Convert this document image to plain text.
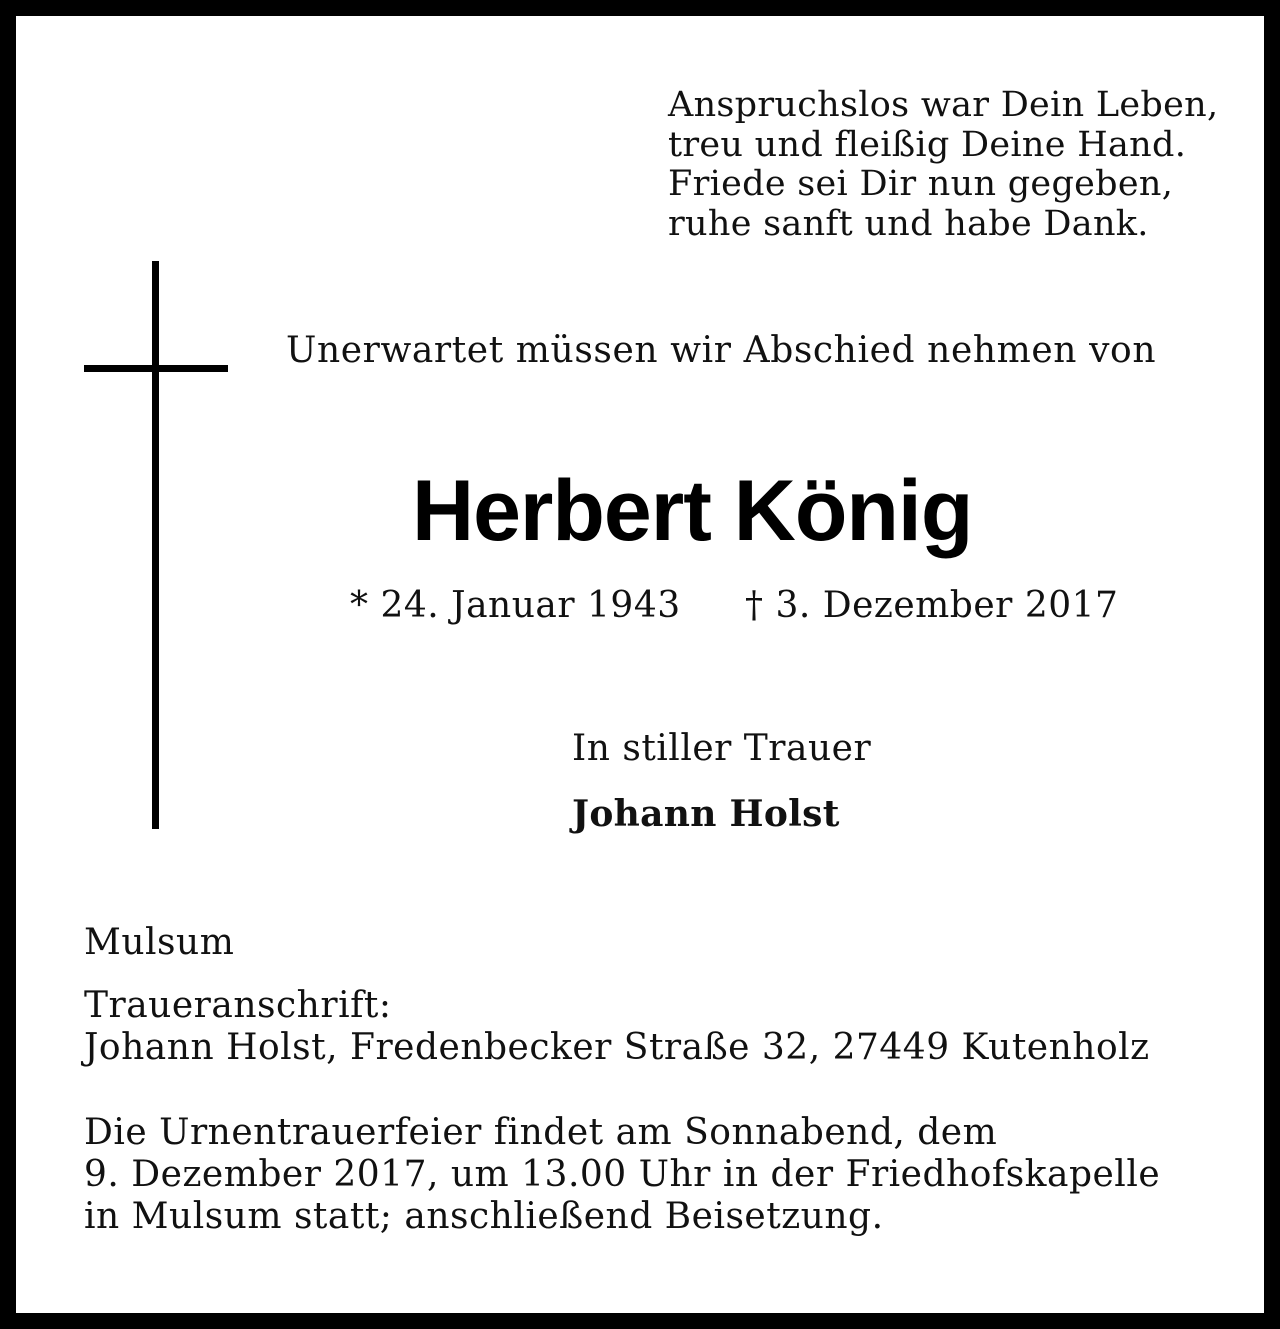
Anspruchslos war Dein Leben,
treu und fleißig Deine Hand.
Friede sei Dir nun gegeben,
ruhe sanft und habe Dank.
Unerwartet müssen wir Abschied nehmen von
Herbert König
* 24. Januar 1943 † 3. Dezember 2017
In stiller Trauer
Johann Holst
Mulsum
Traueranschrift:
Johann Holst, Fredenbecker Straße 32, 27449 Kutenholz
Die Urnentrauerfeier findet am Sonnabend, dem
9. Dezember 2017, um 13.00 Uhr in der Friedhofskapelle
in Mulsum statt; anschließend Beisetzung.
